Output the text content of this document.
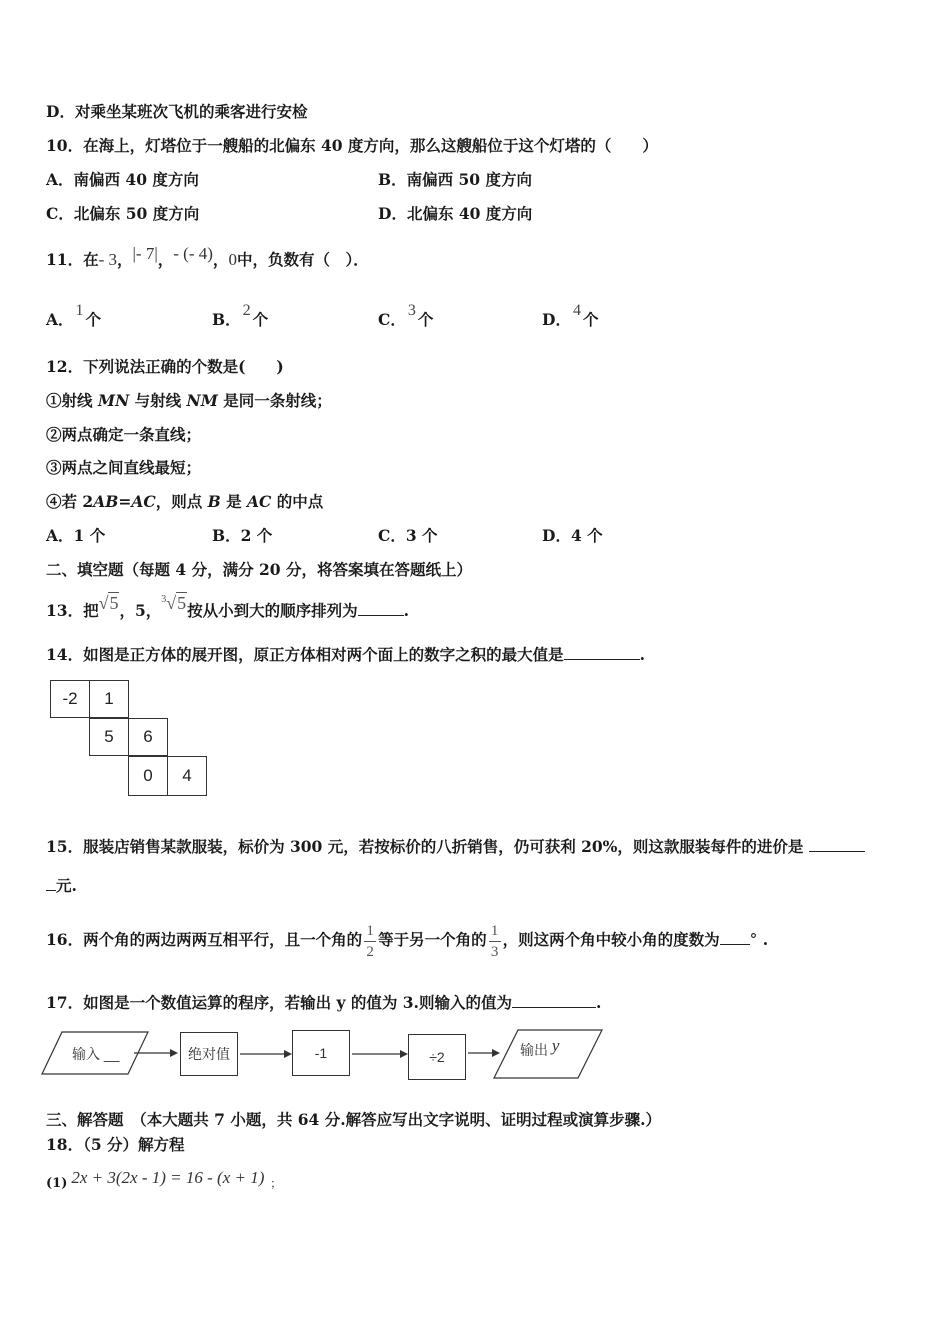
D．对乘坐某班次飞机的乘客进行安检
10．在海上，灯塔位于一艘船的北偏东 40 度方向，那么这艘船位于这个灯塔的（　　）
A．南偏西 40 度方向	B．南偏西 50 度方向
C．北偏东 50 度方向	D．北偏东 40 度方向
11．在- 3，|- 7|，- (- 4)，0中，负数有（　）．
A． 1 个	B． 2 个	C． 3 个	D． 4 个
12．下列说法正确的个数是(　　)
①射线 MN 与射线 NM 是同一条射线；
②两点确定一条直线；
③两点之间直线最短；
④若 2AB=AC，则点 B 是 AC 的中点
A．1 个	B．2 个	C．3 个	D．4 个
二、填空题（每题 4 分，满分 20 分，将答案填在答题纸上）
13．把√5，5，$^3$√5按从小到大的顺序排列为	.
14．如图是正方体的展开图，原正方体相对两个面上的数字之积的最大值是	.
-2	1
5	6
0	4
15．服装店销售某款服装，标价为 300 元，若按标价的八折销售，仍可获利 20%，则这款服装每件的进价是
元.
16．两个角的两边两两互相平行，且一个角的 $\frac{1}{2}$ 等于另一个角的 $\frac{1}{3}$ ，则这两个角中较小角的度数为 ° .
17．如图是一个数值运算的程序，若输出 y 的值为 3.则输入的值为	.
输入 __	绝对值	-1	÷2	输出 y
三、解答题　（本大题共 7 小题，共 64 分.解答应写出文字说明、证明过程或演算步骤.）
18．（5 分）解方程
(1) 2x + 3(2x - 1) = 16 - (x + 1) ；
